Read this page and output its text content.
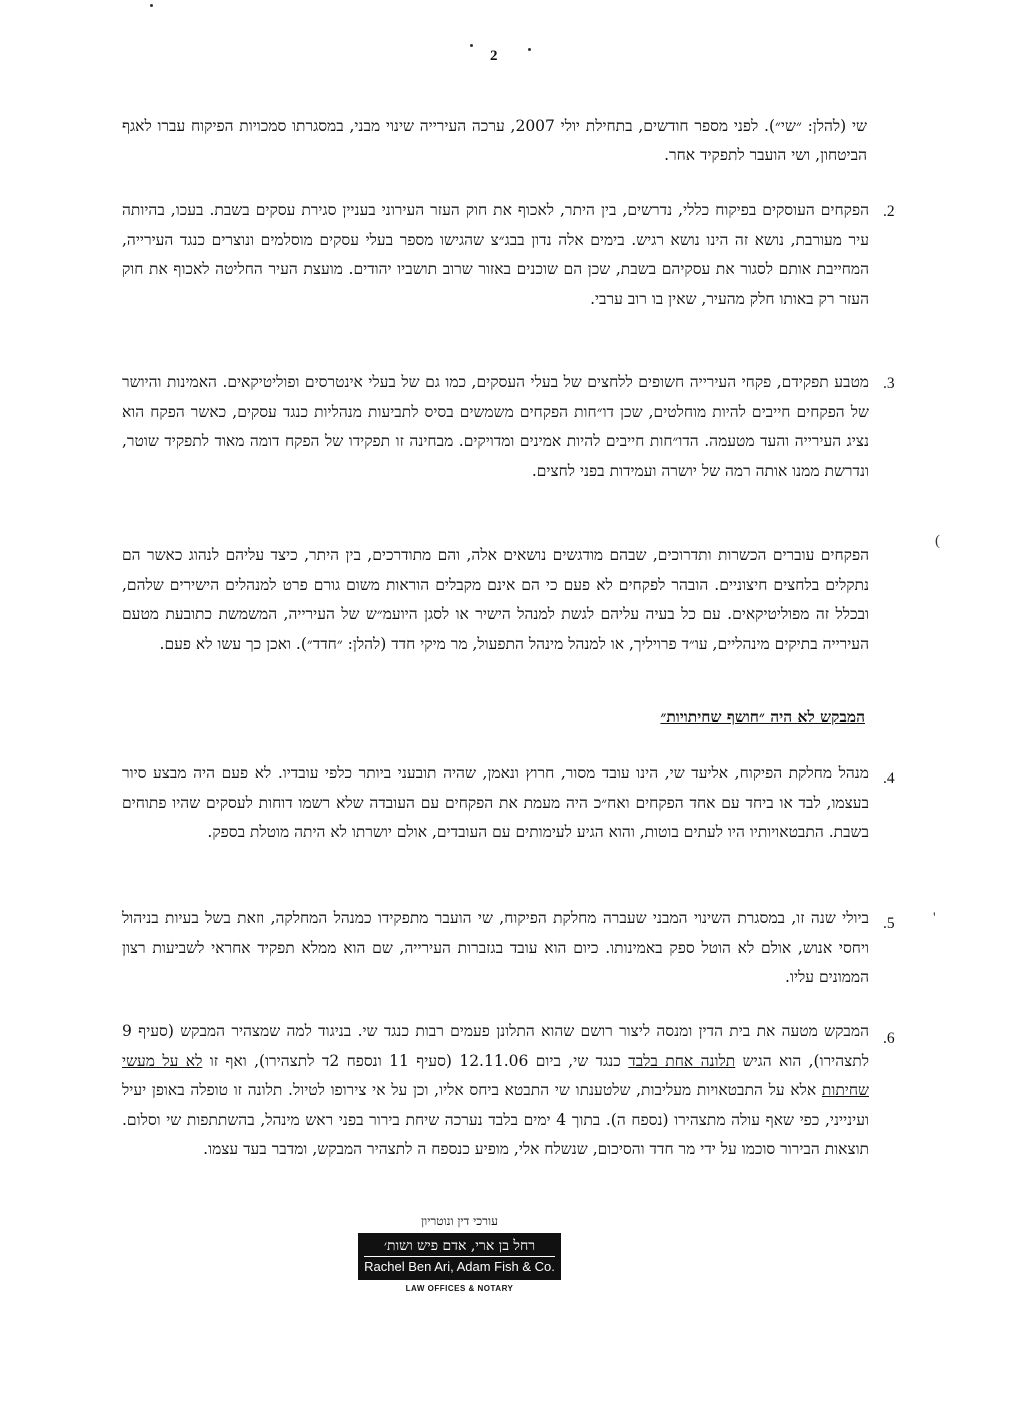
2
שי (להלן: ״שי״). לפני מספר חודשים, בתחילת יולי 2007, ערכה העירייה שינוי מבני, במסגרתו סמכויות הפיקוח עברו לאגף הביטחון, ושי הועבר לתפקיד אחר.
.2
הפקחים העוסקים בפיקוח כללי, נדרשים, בין היתר, לאכוף את חוק העזר העירוני בעניין סגירת עסקים בשבת. בעכו, בהיותה עיר מעורבת, נושא זה הינו נושא רגיש. בימים אלה נדון בבג״צ שהגישו מספר בעלי עסקים מוסלמים ונוצרים כנגד העירייה, המחייבת אותם לסגור את עסקיהם בשבת, שכן הם שוכנים באזור שרוב תושביו יהודים. מועצת העיר החליטה לאכוף את חוק העזר רק באותו חלק מהעיר, שאין בו רוב ערבי.
.3
מטבע תפקידם, פקחי העירייה חשופים ללחצים של בעלי העסקים, כמו גם של בעלי אינטרסים ופוליטיקאים. האמינות והיושר של הפקחים חייבים להיות מוחלטים, שכן דו״חות הפקחים משמשים בסיס לתביעות מנהליות כנגד עסקים, כאשר הפקח הוא נציג העירייה והעד מטעמה. הדו״חות חייבים להיות אמינים ומדויקים. מבחינה זו תפקידו של הפקח דומה מאוד לתפקיד שוטר, ונדרשת ממנו אותה רמה של יושרה ועמידות בפני לחצים.
הפקחים עוברים הכשרות ותדרוכים, שבהם מודגשים נושאים אלה, והם מתודרכים, בין היתר, כיצד עליהם לנהוג כאשר הם נתקלים בלחצים חיצוניים. הובהר לפקחים לא פעם כי הם אינם מקבלים הוראות משום גורם פרט למנהלים הישירים שלהם, ובכלל זה מפוליטיקאים. עם כל בעיה עליהם לגשת למנהל הישיר או לסגן היועמ״ש של העירייה, המשמשת כתובעת מטעם העירייה בתיקים מינהליים, עו״ד פרויליך, או למנהל מינהל התפעול, מר מיקי חדד (להלן: ״חדד״). ואכן כך עשו לא פעם.
המבקש לא היה ״חושף שחיתויות״
.4
מנהל מחלקת הפיקוח, אליעד שי, הינו עובד מסור, חרוץ ונאמן, שהיה תובעני ביותר כלפי עובדיו. לא פעם היה מבצע סיור בעצמו, לבד או ביחד עם אחד הפקחים ואח״כ היה מעמת את הפקחים עם העובדה שלא רשמו דוחות לעסקים שהיו פתוחים בשבת. התבטאויותיו היו לעתים בוטות, והוא הגיע לעימותים עם העובדים, אולם יושרתו לא היתה מוטלת בספק.
.5
ביולי שנה זו, במסגרת השינוי המבני שעברה מחלקת הפיקוח, שי הועבר מתפקידו כמנהל המחלקה, וזאת בשל בעיות בניהול ויחסי אנוש, אולם לא הוטל ספק באמינותו. כיום הוא עובד בגזברות העירייה, שם הוא ממלא תפקיד אחראי לשביעות רצון הממונים עליו.
.6
המבקש מטעה את בית הדין ומנסה ליצור רושם שהוא התלונן פעמים רבות כנגד שי. בניגוד למה שמצהיר המבקש (סעיף 9 לתצהירו), הוא הגיש תלונה אחת בלבד כנגד שי, ביום 12.11.06 (סעיף 11 ונספח 2ד לתצהירו), ואף זו לא על מעשי שחיתות אלא על התבטאויות מעליבות, שלטענתו שי התבטא ביחס אליו, וכן על אי צירופו לטיול. תלונה זו טופלה באופן יעיל ועינייני, כפי שאף עולה מתצהירו (נספח ה). בתוך 4 ימים בלבד נערכה שיחת בירור בפני ראש מינהל, בהשתתפות שי וסלום. תוצאות הבירור סוכמו על ידי מר חדד והסיכום, שנשלח אלי, מופיע כנספח ה לתצהיר המבקש, ומדבר בעד עצמו.
(
'
עורכי דין ונוטריון
רחל בן ארי, אדם פיש ושות׳
Rachel Ben Ari, Adam Fish & Co.
LAW OFFICES & NOTARY
